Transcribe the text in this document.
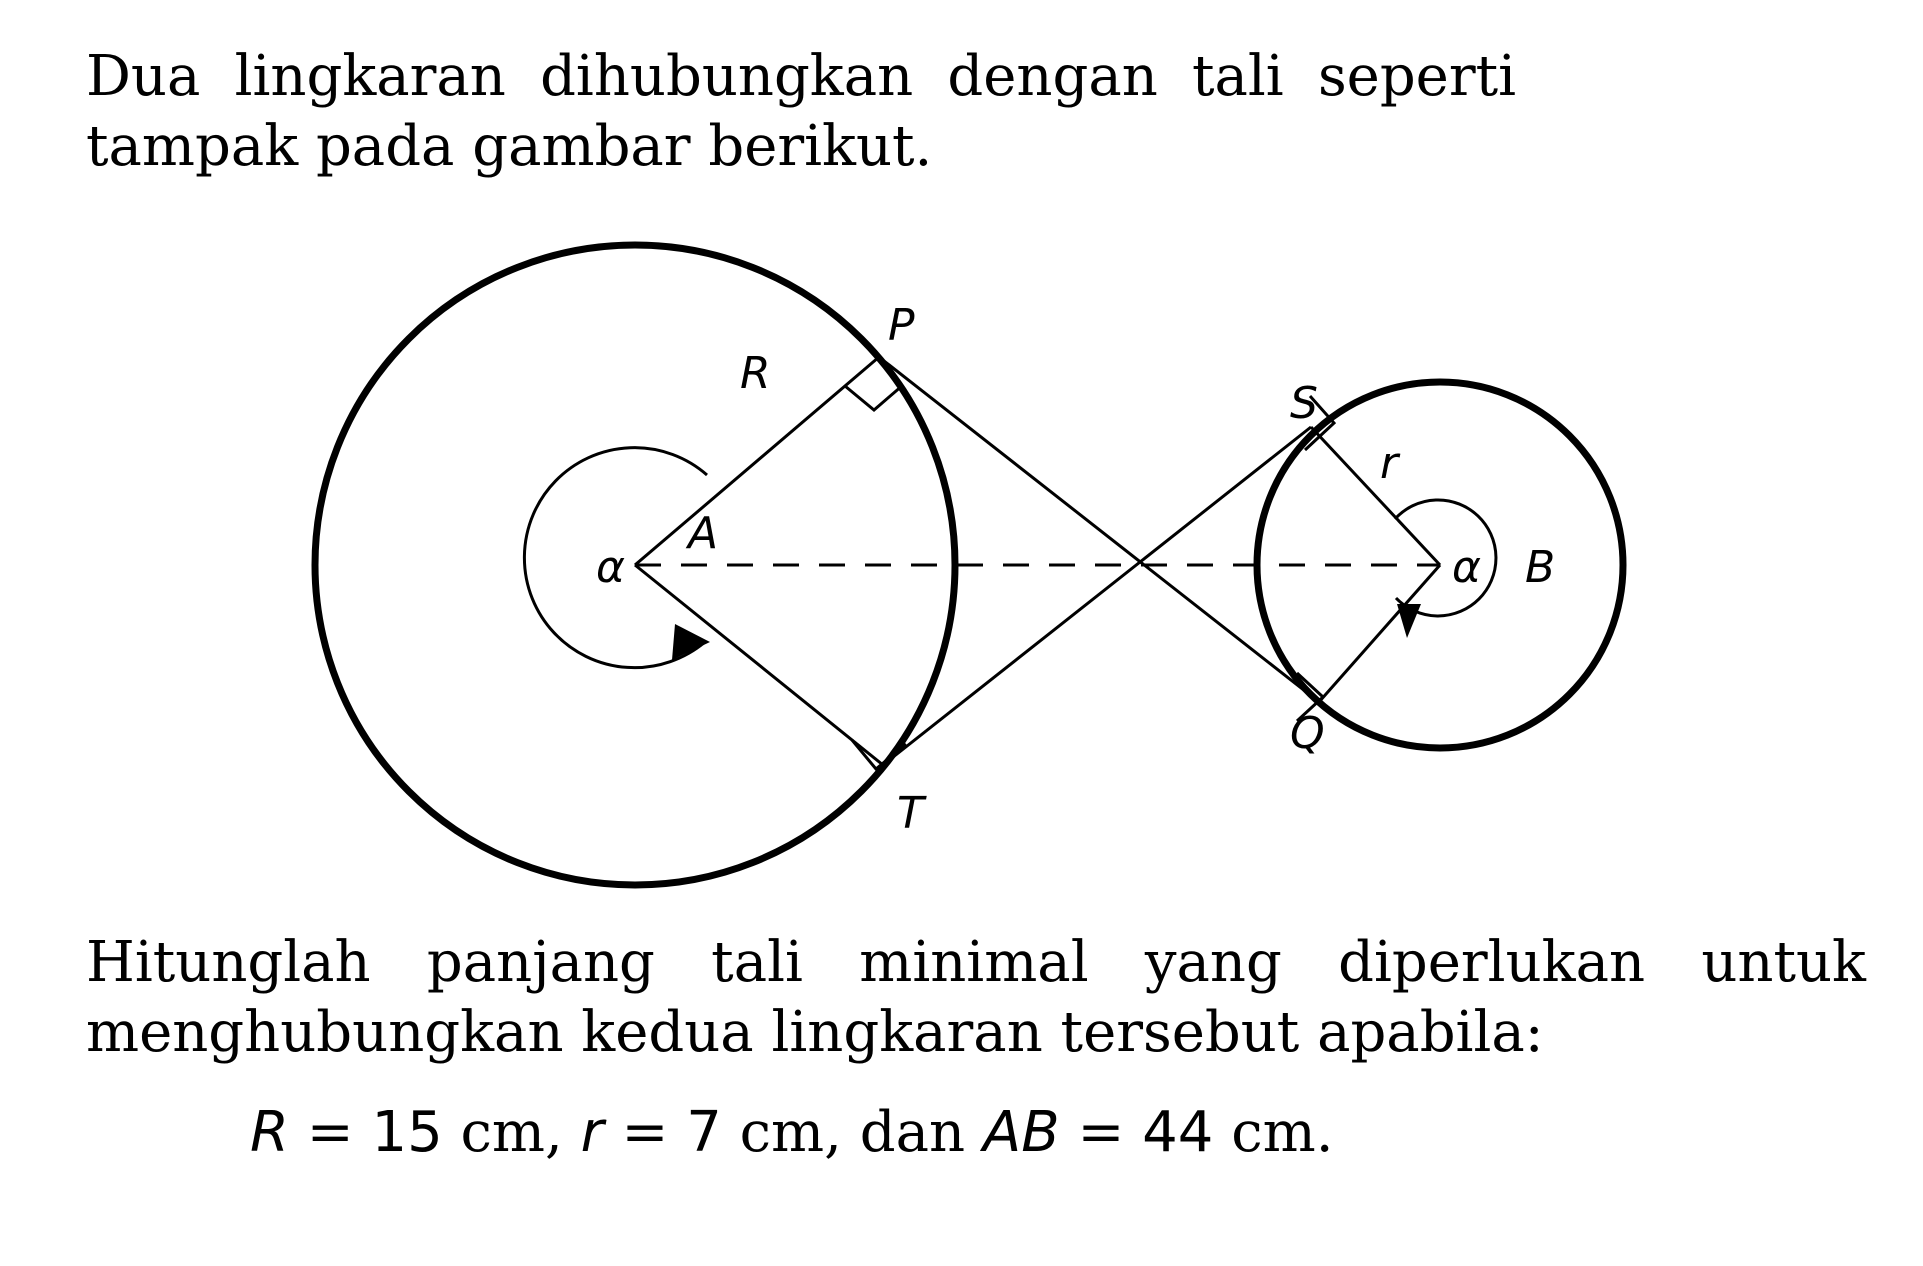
Dua lingkaran dihubungkan dengan tali seperti tampak pada gambar berikut.

P
R
S
r
A
α	α B
Q
T

Hitunglah panjang tali minimal yang diperlukan untuk menghubungkan kedua lingkaran tersebut apabila:

R = 15 cm, r = 7 cm, dan AB = 44 cm.
